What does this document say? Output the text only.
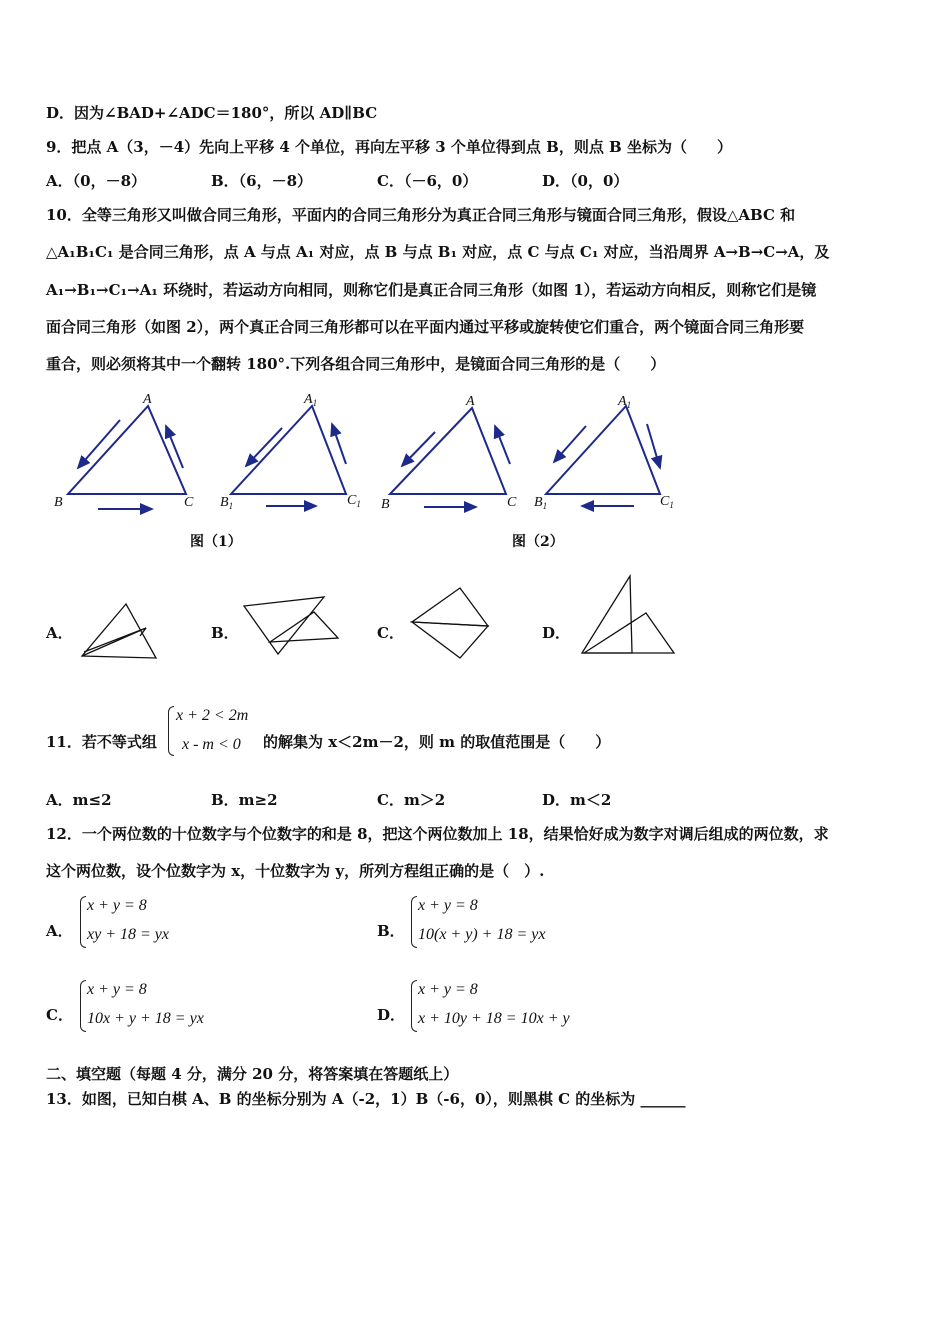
D．因为∠BAD+∠ADC＝180°，所以 AD∥BC
9．把点 A（3，－4）先向上平移 4 个单位，再向左平移 3 个单位得到点 B，则点 B 坐标为（　　）
A．（0，－8）	B．（6，－8）	C．（－6，0）	D．（0，0）
10．全等三角形又叫做合同三角形，平面内的合同三角形分为真正合同三角形与镜面合同三角形，假设△ABC 和
△A₁B₁C₁ 是合同三角形，点 A 与点 A₁ 对应，点 B 与点 B₁ 对应，点 C 与点 C₁ 对应，当沿周界 A→B→C→A，及
A₁→B₁→C₁→A₁ 环绕时，若运动方向相同，则称它们是真正合同三角形（如图 1），若运动方向相反，则称它们是镜
面合同三角形（如图 2），两个真正合同三角形都可以在平面内通过平移或旋转使它们重合，两个镜面合同三角形要
重合，则必须将其中一个翻转 180°.下列各组合同三角形中，是镜面合同三角形的是（　　）
A
B	C
$A_1$
$B_1$	$C_1$
A
B	C
$A_1$
$B_1$	$C_1$
图（1）	图（2）
A．	B．	C．	D．
11．若不等式组
x + 2 < 2m
x - m < 0 的解集为 x＜2m－2，则 m 的取值范围是（　　）
A．m≤2	B．m≥2	C．m＞2	D．m＜2
12．一个两位数的十位数字与个位数字的和是 8，把这个两位数加上 18，结果恰好成为数字对调后组成的两位数，求
这个两位数，设个位数字为 x，十位数字为 y，所列方程组正确的是（　）.
A．
x + y = 8
xy + 18 = yx	B．
x + y = 8
10(x + y) + 18 = yx
C．
x + y = 8
10x + y + 18 = yx	D．
x + y = 8
x + 10y + 18 = 10x + y
二、填空题（每题 4 分，满分 20 分，将答案填在答题纸上）
13．如图，已知白棋 A、B 的坐标分别为 A（-2，1）B（-6，0），则黑棋 C 的坐标为 ______
